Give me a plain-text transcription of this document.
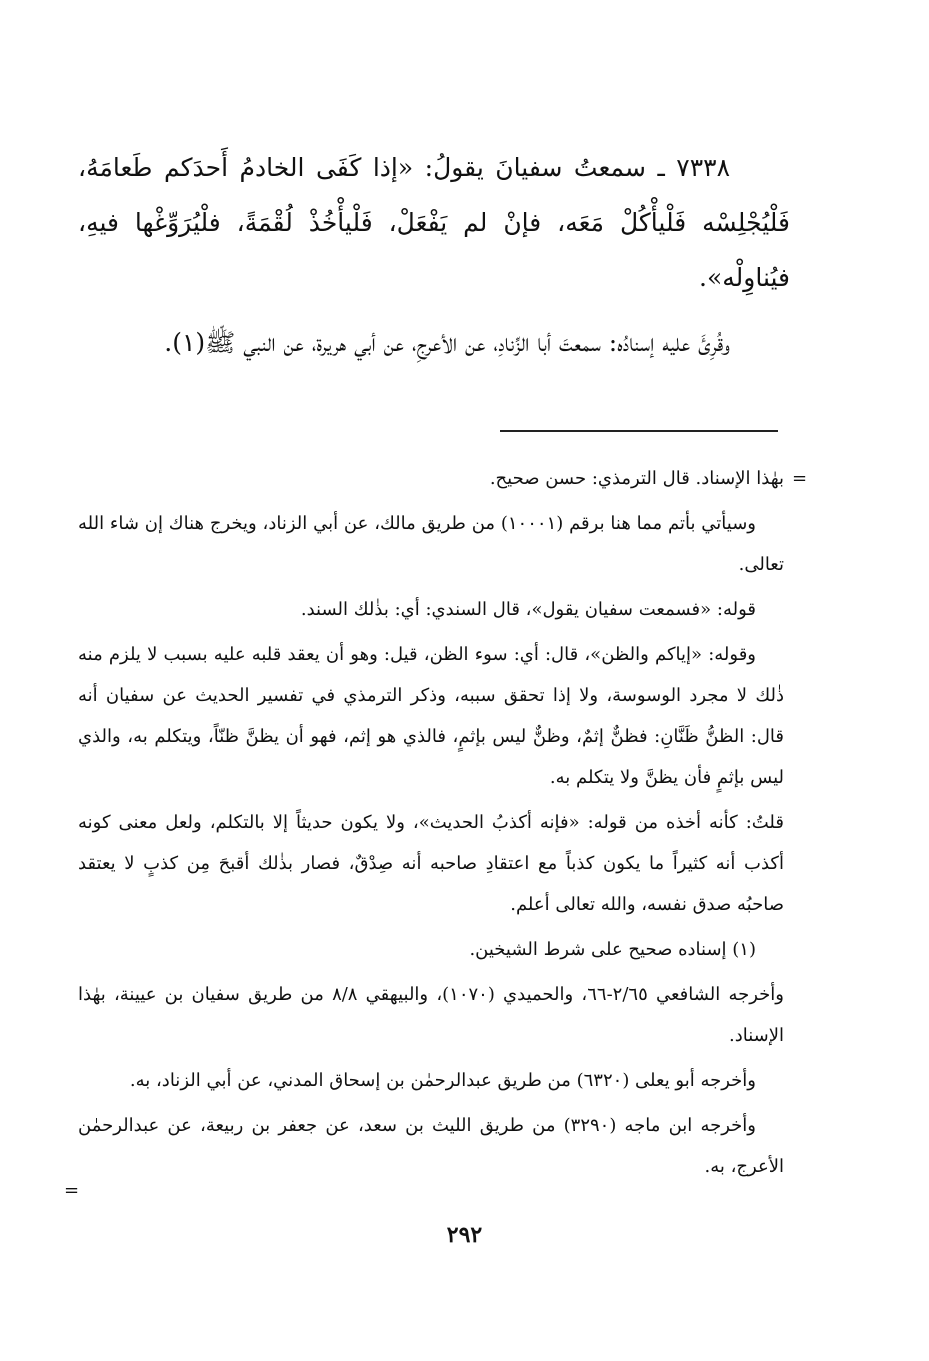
٧٣٣٨ ـ سمعتُ سفيانَ يقولُ: «إذا كَفَى الخادمُ أَحدَكم طَعامَهُ، فَلْيُجْلِسْه فَلْيأْكُلْ مَعَه، فإنْ لم يَفْعَلْ، فَلْيأْخُذْ لُقْمَةً، فلْيُرَوِّغْها فيهِ، فيُناوِلْه».

وقُرِئَ عليه إسنادُه: سمعتَ أبا الزِّنادِ، عن الأعرجِ، عن أبي هريرة، عن النبي ﷺ(١).

=

بهٰذا الإسناد. قال الترمذي: حسن صحيح.

وسيأتي بأتم مما هنا برقم (١٠٠٠١) من طريق مالك، عن أبي الزناد، ويخرج هناك إن شاء الله تعالى.

قوله: «فسمعت سفيان يقول»، قال السندي: أي: بذٰلك السند.

وقوله: «إياكم والظن»، قال: أي: سوء الظن، قيل: وهو أن يعقد قلبه عليه بسبب لا يلزم منه ذٰلك لا مجرد الوسوسة، ولا إذا تحقق سببه، وذكر الترمذي في تفسير الحديث عن سفيان أنه قال: الظنُّ ظَنَّانِ: فظنٌّ إثمٌ، وظنٌّ ليس بإثمٍ، فالذي هو إثم، فهو أن يظنَّ ظنّاً، ويتكلم به، والذي ليس بإثمٍ فأن يظنَّ ولا يتكلم به.

قلتُ: كأنه أخذه من قوله: «فإنه أكذبُ الحديث»، ولا يكون حديثاً إلا بالتكلم، ولعل معنى كونه أكذب أنه كثيراً ما يكون كذباً مع اعتقادِ صاحبه أنه صِدْقٌ، فصار بذٰلك أقبحَ مِن كذبٍ لا يعتقد صاحبُه صدق نفسه، والله تعالى أعلم.

(١) إسناده صحيح على شرط الشيخين.

وأخرجه الشافعي ٢/٦٥-٦٦، والحميدي (١٠٧٠)، والبيهقي ٨/٨ من طريق سفيان بن عيينة، بهٰذا الإسناد.

وأخرجه أبو يعلى (٦٣٢٠) من طريق عبدالرحمٰن بن إسحاق المدني، عن أبي الزناد، به.

وأخرجه ابن ماجه (٣٢٩٠) من طريق الليث بن سعد، عن جعفر بن ربيعة، عن عبدالرحمٰن الأعرج، به.

=
٢٩٢
